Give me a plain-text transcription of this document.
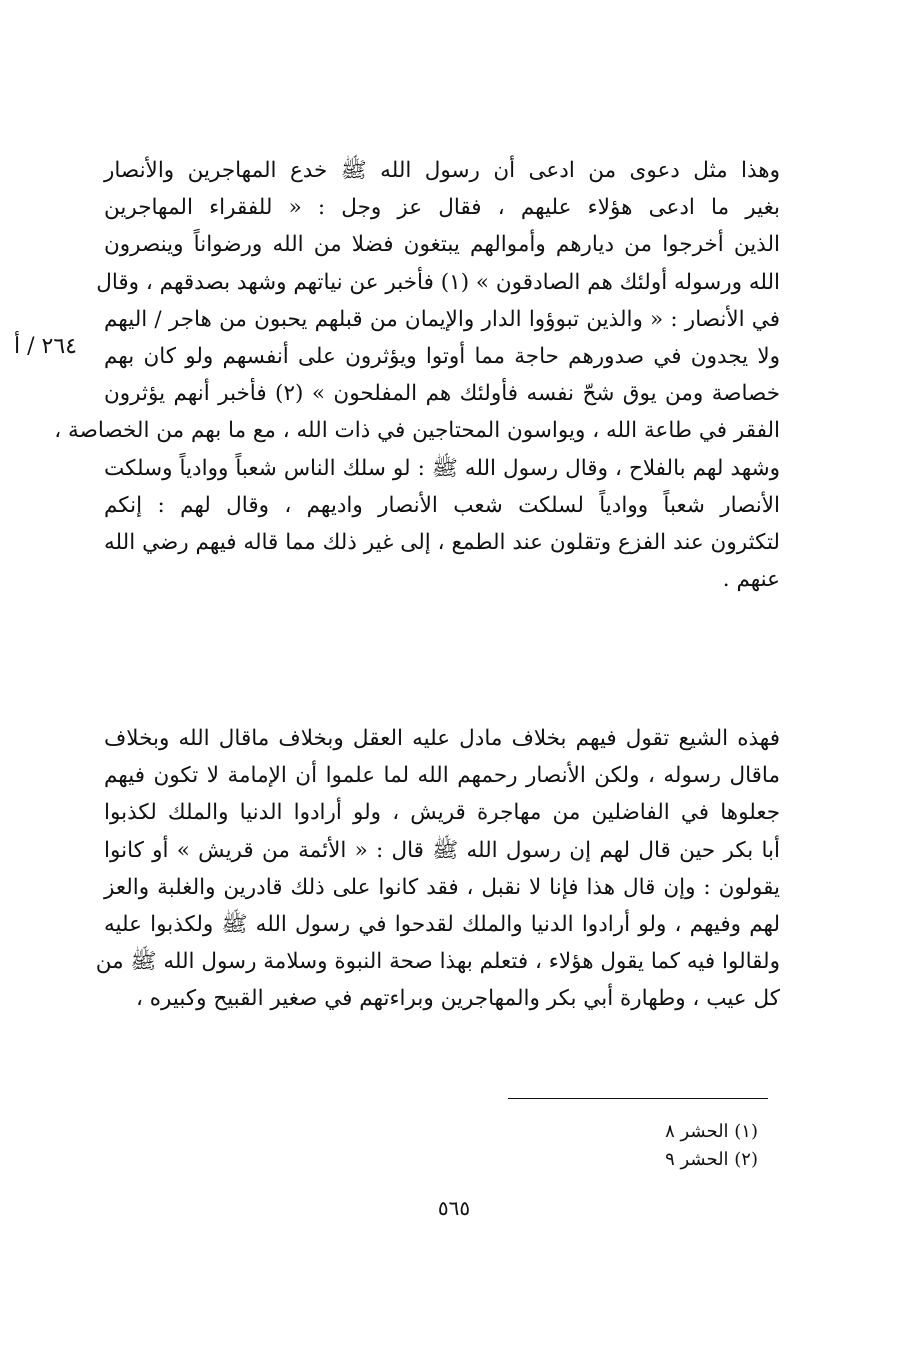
٢٦٤ / أ
وهذا مثل دعوى من ادعى أن رسول الله ﷺ خدع المهاجرين والأنصار
بغير ما ادعى هؤلاء عليهم ، فقال عز وجل : « للفقراء المهاجرين
الذين أخرجوا من ديارهم وأموالهم يبتغون فضلا من الله ورضواناً وينصرون
الله ورسوله أولئك هم الصادقون » (١) فأخبر عن نياتهم وشهد بصدقهم ، وقال
في الأنصار : « والذين تبوؤوا الدار والإيمان من قبلهم يحبون من هاجر / اليهم
ولا يجدون في صدورهم حاجة مما أوتوا ويؤثرون على أنفسهم ولو كان بهم
خصاصة ومن يوق شحّ نفسه فأولئك هم المفلحون » (٢) فأخبر أنهم يؤثرون
الفقر في طاعة الله ، ويواسون المحتاجين في ذات الله ، مع ما بهم من الخصاصة ،
وشهد لهم بالفلاح ، وقال رسول الله ﷺ : لو سلك الناس شعباً ووادياً وسلكت
الأنصار شعباً ووادياً لسلكت شعب الأنصار واديهم ، وقال لهم : إنكم
لتكثرون عند الفزع وتقلون عند الطمع ، إلى غير ذلك مما قاله فيهم رضي الله
عنهم .
فهذه الشيع تقول فيهم بخلاف مادل عليه العقل وبخلاف ماقال الله وبخلاف
ماقال رسوله ، ولكن الأنصار رحمهم الله لما علموا أن الإمامة لا تكون فيهم
جعلوها في الفاضلين من مهاجرة قريش ، ولو أرادوا الدنيا والملك لكذبوا
أبا بكر حين قال لهم إن رسول الله ﷺ قال : « الأئمة من قريش » أو كانوا
يقولون : وإن قال هذا فإنا لا نقبل ، فقد كانوا على ذلك قادرين والغلبة والعز
لهم وفيهم ، ولو أرادوا الدنيا والملك لقدحوا في رسول الله ﷺ ولكذبوا عليه
ولقالوا فيه كما يقول هؤلاء ، فتعلم بهذا صحة النبوة وسلامة رسول الله ﷺ من
كل عيب ، وطهارة أبي بكر والمهاجرين وبراءتهم في صغير القبيح وكبيره ،
(١) الحشر ٨
(٢) الحشر ٩
٥٦٥
